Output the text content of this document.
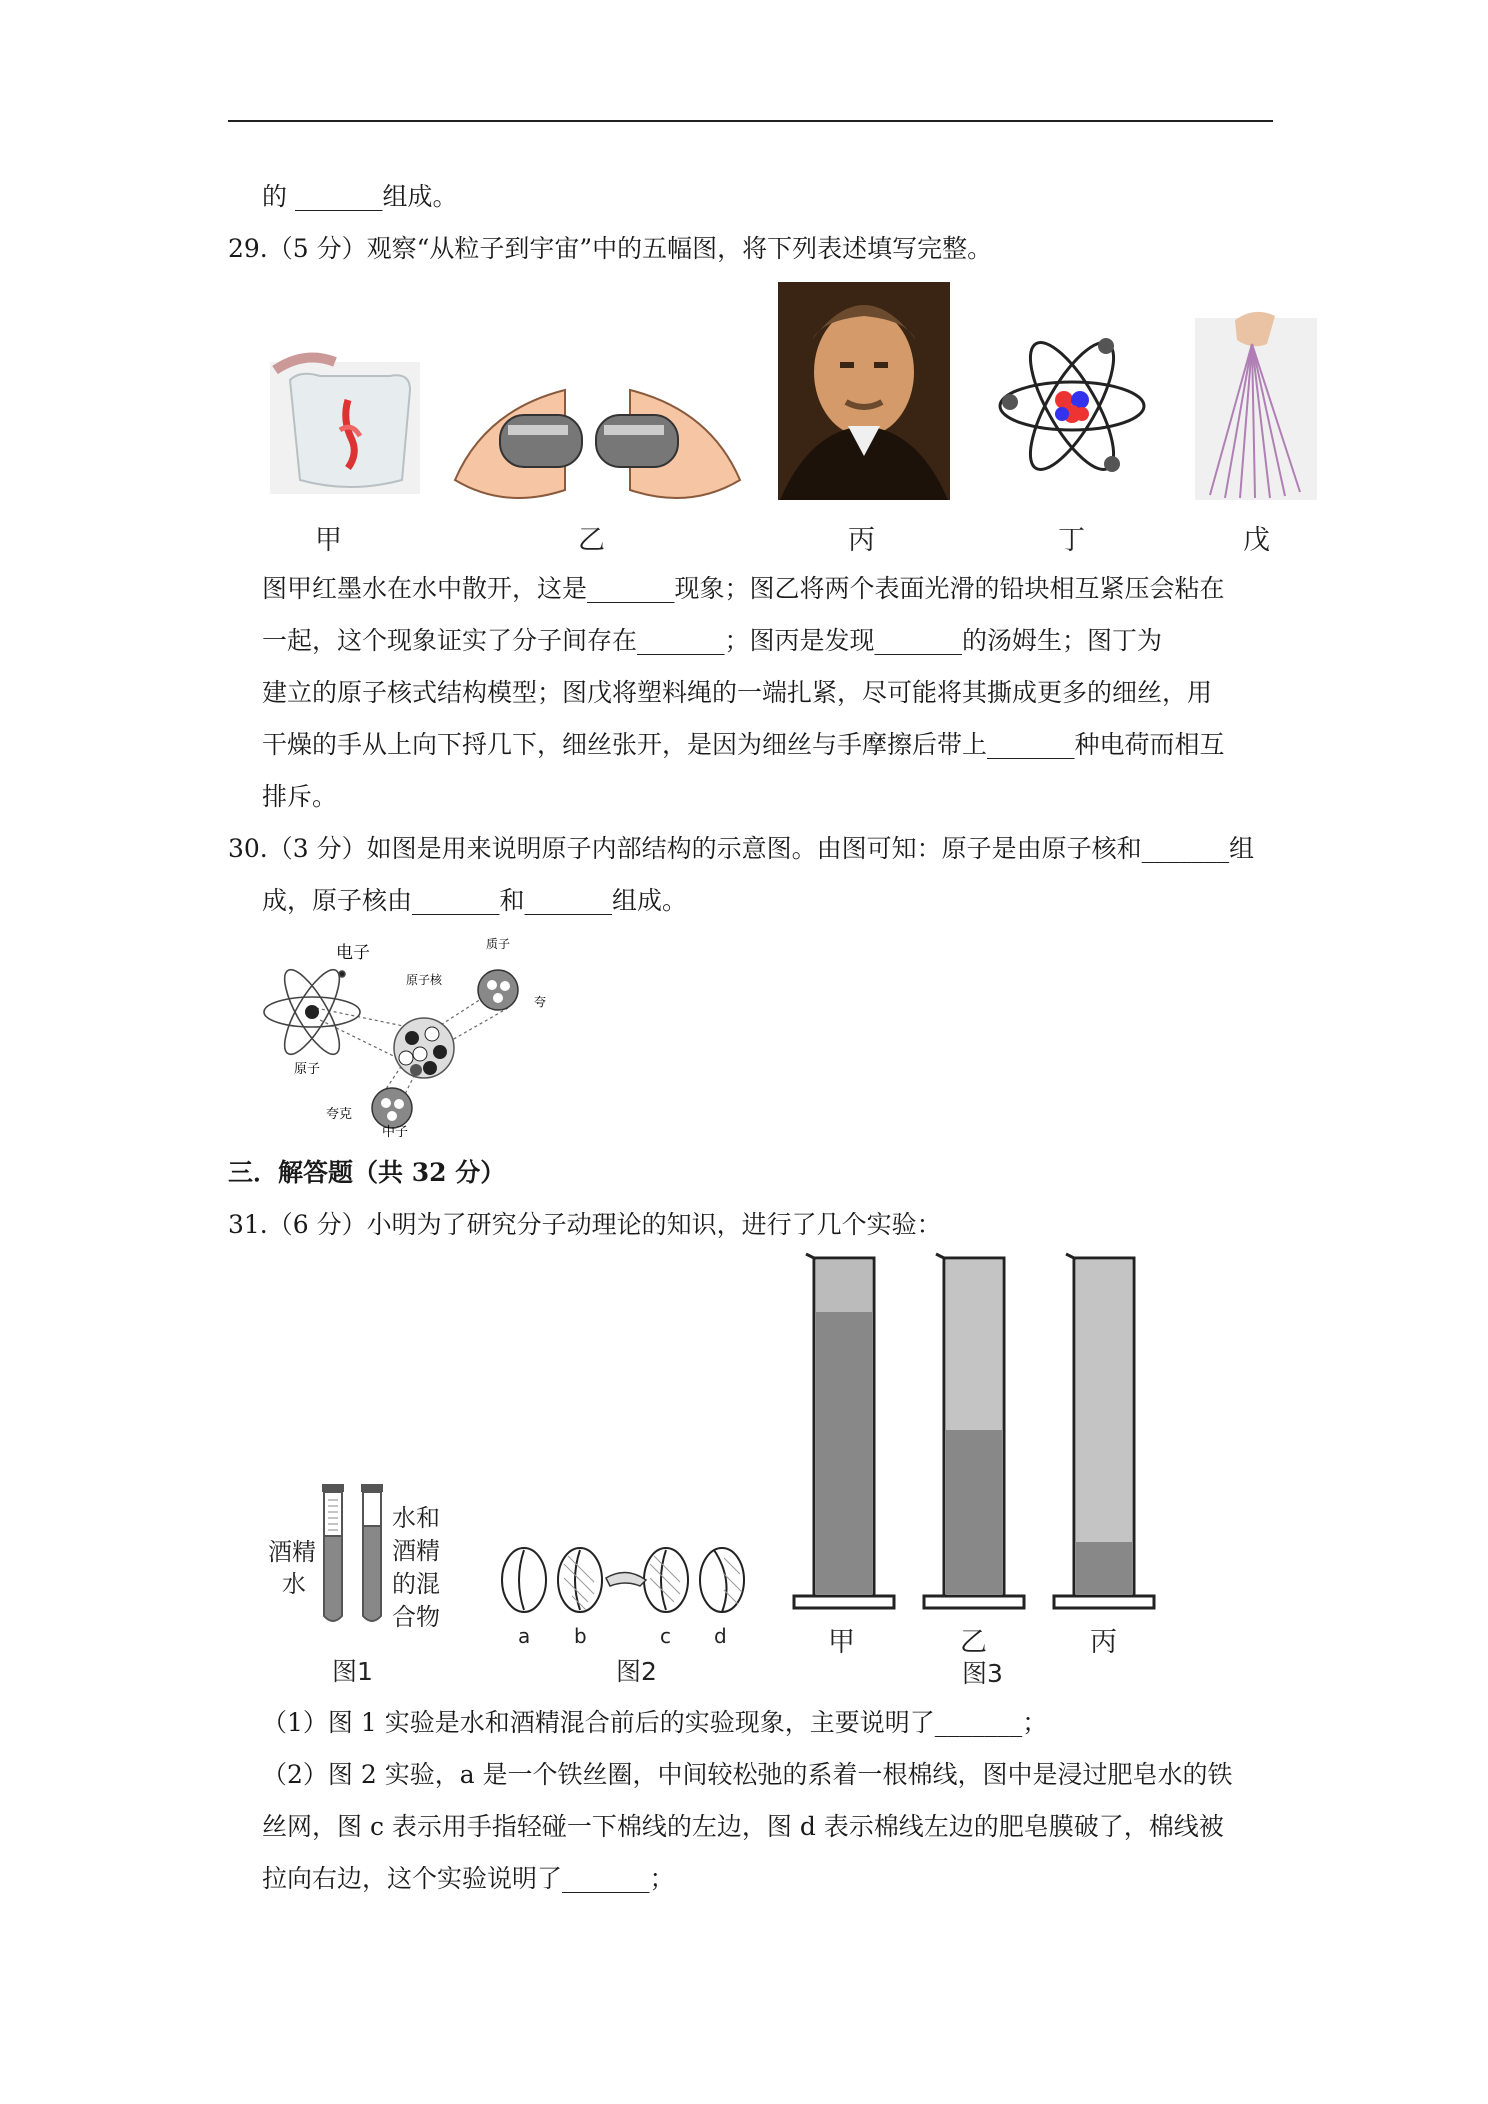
的 _______组成。
29.（5 分）观察“从粒子到宇宙”中的五幅图，将下列表述填写完整。
甲	乙	丙	丁	戊
图甲红墨水在水中散开，这是_______现象；图乙将两个表面光滑的铅块相互紧压会粘在
一起，这个现象证实了分子间存在_______；图丙是发现_______的汤姆生；图丁为
建立的原子核式结构模型；图戊将塑料绳的一端扎紧，尽可能将其撕成更多的细丝，用
干燥的手从上向下捋几下，细丝张开，是因为细丝与手摩擦后带上_______种电荷而相互
排斥。
30.（3 分）如图是用来说明原子内部结构的示意图。由图可知：原子是由原子核和_______组
成，原子核由_______和_______组成。
电子
原子核
质子
夸
原子
夸克
中子
三．解答题（共 32 分）
31.（6 分）小明为了研究分子动理论的知识，进行了几个实验：
酒精
水
水和
酒精
的混
合物
图1
a b	c d
图2
甲	乙	丙
图3
（1）图 1 实验是水和酒精混合前后的实验现象，主要说明了_______；
（2）图 2 实验，a 是一个铁丝圈，中间较松弛的系着一根棉线，图中是浸过肥皂水的铁
丝网，图 c 表示用手指轻碰一下棉线的左边，图 d 表示棉线左边的肥皂膜破了，棉线被
拉向右边，这个实验说明了_______；
